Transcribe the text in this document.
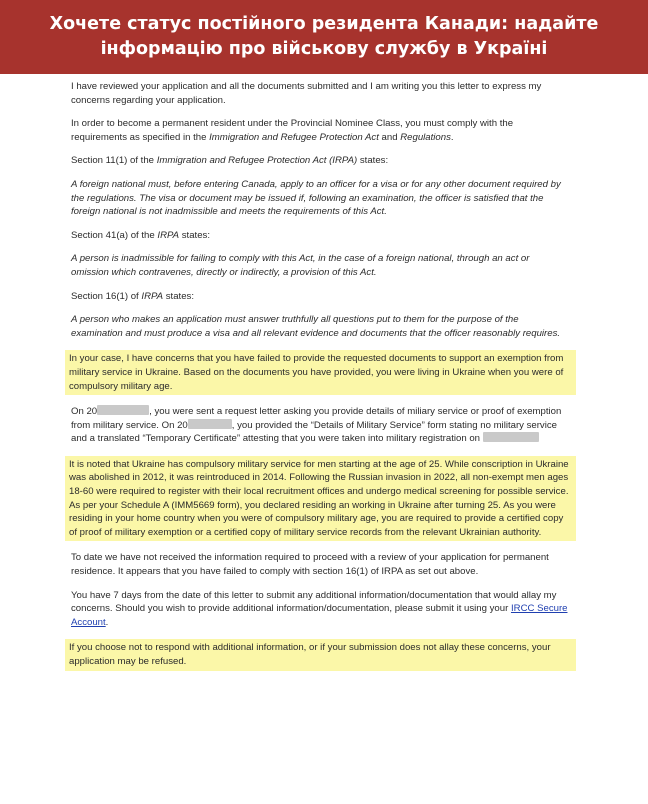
Хочете статус постійного резидента Канади: надайте
інформацію про військову службу в Україні

I have reviewed your application and all the documents submitted and I am writing you this letter to express my concerns regarding your application.

In order to become a permanent resident under the Provincial Nominee Class, you must comply with the requirements as specified in the Immigration and Refugee Protection Act and Regulations.

Section 11(1) of the Immigration and Refugee Protection Act (IRPA) states:

A foreign national must, before entering Canada, apply to an officer for a visa or for any other document required by the regulations. The visa or document may be issued if, following an examination, the officer is satisfied that the foreign national is not inadmissible and meets the requirements of this Act.

Section 41(a) of the IRPA states:

A person is inadmissible for failing to comply with this Act, in the case of a foreign national, through an act or omission which contravenes, directly or indirectly, a provision of this Act.

Section 16(1) of IRPA states:

A person who makes an application must answer truthfully all questions put to them for the purpose of the examination and must produce a visa and all relevant evidence and documents that the officer reasonably requires.

In your case, I have concerns that you have failed to provide the requested documents to support an exemption from military service in Ukraine. Based on the documents you have provided, you were living in Ukraine when you were of compulsory military age.

On 20	, you were sent a request letter asking you provide details of miliary service or proof of exemption from military service. On 20	, you provided the “Details of Military Service” form stating no military service and a translated “Temporary Certificate” attesting that you were taken into military registration on

It is noted that Ukraine has compulsory military service for men starting at the age of 25. While conscription in Ukraine was abolished in 2012, it was reintroduced in 2014. Following the Russian invasion in 2022, all non-exempt men ages 18-60 were required to register with their local recruitment offices and undergo medical screening for possible service. As per your Schedule A (IMM5669 form), you declared residing an working in Ukraine after turning 25. As you were residing in your home country when you were of compulsory military age, you are required to provide a certified copy of proof of military exemption or a certified copy of military service records from the relevant Ukrainian authority.

To date we have not received the information required to proceed with a review of your application for permanent residence. It appears that you have failed to comply with section 16(1) of IRPA as set out above.

You have 7 days from the date of this letter to submit any additional information/documentation that would allay my concerns. Should you wish to provide additional information/documentation, please submit it using your IRCC Secure Account.

If you choose not to respond with additional information, or if your submission does not allay these concerns, your application may be refused.
